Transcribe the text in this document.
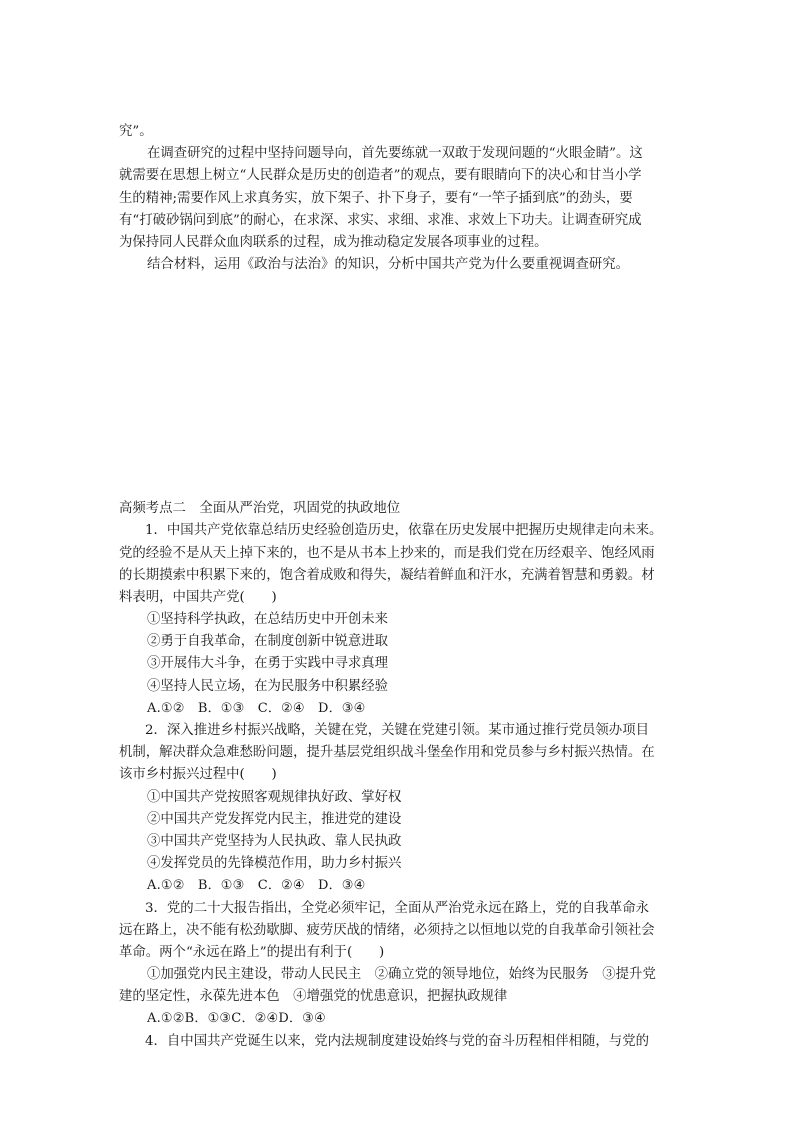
究”。
在调查研究的过程中坚持问题导向，首先要练就一双敢于发现问题的“火眼金睛”。这
就需要在思想上树立“人民群众是历史的创造者”的观点，要有眼睛向下的决心和甘当小学
生的精神;需要作风上求真务实，放下架子、扑下身子，要有“一竿子插到底”的劲头，要
有“打破砂锅问到底”的耐心，在求深、求实、求细、求准、求效上下功夫。让调查研究成
为保持同人民群众血肉联系的过程，成为推动稳定发展各项事业的过程。
结合材料，运用《政治与法治》的知识，分析中国共产党为什么要重视调查研究。
高频考点二　全面从严治党，巩固党的执政地位
1．中国共产党依靠总结历史经验创造历史，依靠在历史发展中把握历史规律走向未来。
党的经验不是从天上掉下来的，也不是从书本上抄来的，而是我们党在历经艰辛、饱经风雨
的长期摸索中积累下来的，饱含着成败和得失，凝结着鲜血和汗水，充满着智慧和勇毅。材
料表明，中国共产党(　　)
①坚持科学执政，在总结历史中开创未来
②勇于自我革命，在制度创新中锐意进取
③开展伟大斗争，在勇于实践中寻求真理
④坚持人民立场，在为民服务中积累经验
A.①②　B．①③　C．②④　D．③④
2．深入推进乡村振兴战略，关键在党，关键在党建引领。某市通过推行党员领办项目
机制，解决群众急难愁盼问题，提升基层党组织战斗堡垒作用和党员参与乡村振兴热情。在
该市乡村振兴过程中(　　)
①中国共产党按照客观规律执好政、掌好权
②中国共产党发挥党内民主，推进党的建设
③中国共产党坚持为人民执政、靠人民执政
④发挥党员的先锋模范作用，助力乡村振兴
A.①②　B．①③　C．②④　D．③④
3．党的二十大报告指出，全党必须牢记，全面从严治党永远在路上，党的自我革命永
远在路上，决不能有松劲歇脚、疲劳厌战的情绪，必须持之以恒地以党的自我革命引领社会
革命。两个“永远在路上”的提出有利于(　　)
①加强党内民主建设，带动人民民主　②确立党的领导地位，始终为民服务　③提升党
建的坚定性，永葆先进本色　④增强党的忧患意识，把握执政规律
A.①②B．①③C．②④D．③④
4．自中国共产党诞生以来，党内法规制度建设始终与党的奋斗历程相伴相随，与党的
